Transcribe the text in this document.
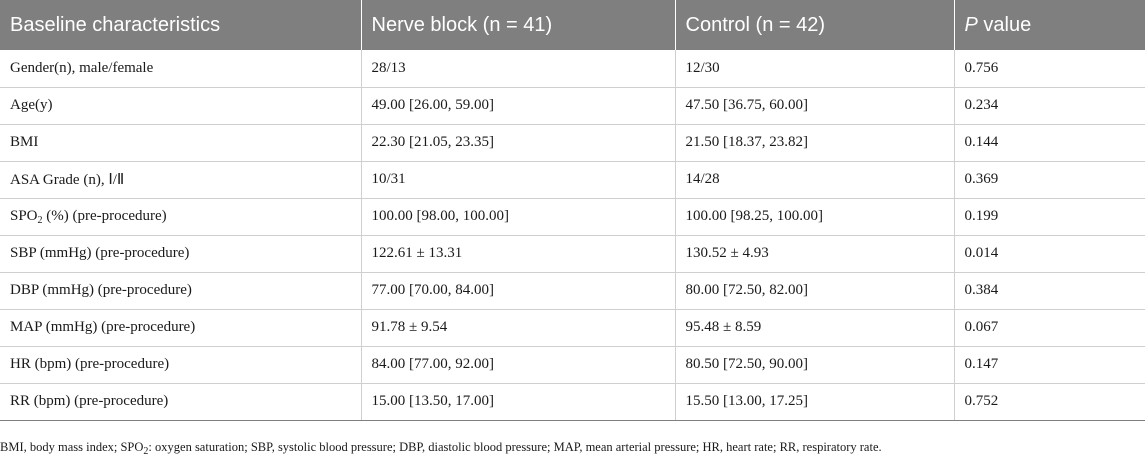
Baseline characteristics	Nerve block (n = 41)	Control (n = 42)	P value
Gender(n), male/female	28/13	12/30	0.756
Age(y)	49.00 [26.00, 59.00]	47.50 [36.75, 60.00]	0.234
BMI	22.30 [21.05, 23.35]	21.50 [18.37, 23.82]	0.144
ASA Grade (n), Ⅰ/Ⅱ	10/31	14/28	0.369
$SPO_2$ (%) (pre-procedure)	100.00 [98.00, 100.00]	100.00 [98.25, 100.00]	0.199
SBP (mmHg) (pre-procedure)	122.61 ± 13.31	130.52 ± 4.93	0.014
DBP (mmHg) (pre-procedure)	77.00 [70.00, 84.00]	80.00 [72.50, 82.00]	0.384
MAP (mmHg) (pre-procedure)	91.78 ± 9.54	95.48 ± 8.59	0.067
HR (bpm) (pre-procedure)	84.00 [77.00, 92.00]	80.50 [72.50, 90.00]	0.147
RR (bpm) (pre-procedure)	15.00 [13.50, 17.00]	15.50 [13.00, 17.25]	0.752
BMI, body mass index; $SPO_2$: oxygen saturation; SBP, systolic blood pressure; DBP, diastolic blood pressure; MAP, mean arterial pressure; HR, heart rate; RR, respiratory rate.
